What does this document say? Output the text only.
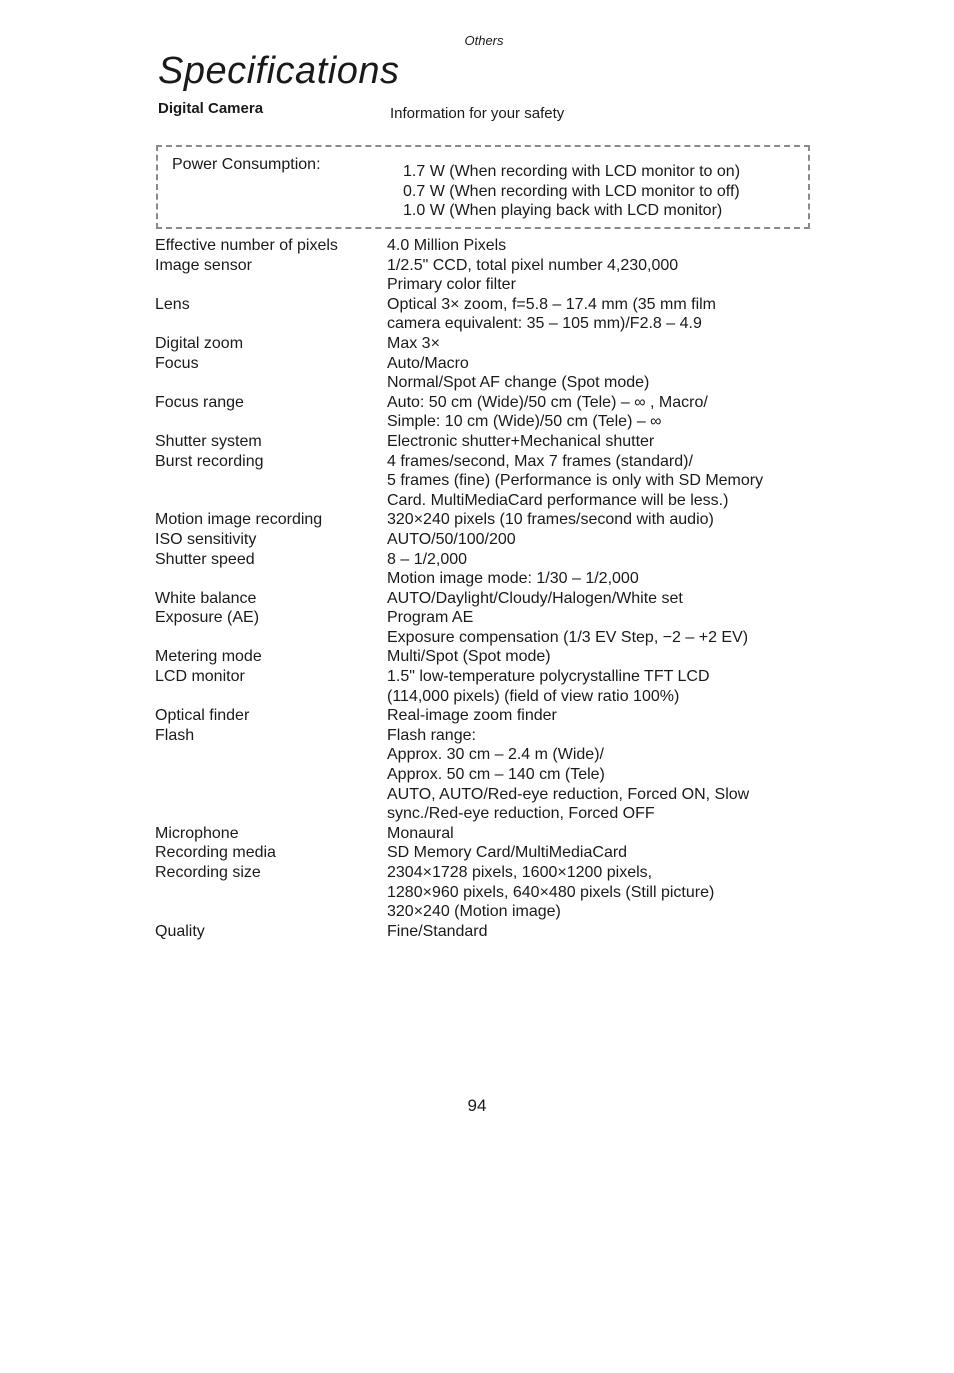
Others
Specifications
Digital Camera	Information for your safety
Power Consumption:	1.7 W (When recording with LCD monitor to on)
0.7 W (When recording with LCD monitor to off)
1.0 W (When playing back with LCD monitor)
Effective number of pixels	4.0 Million Pixels
Image sensor	1/2.5" CCD, total pixel number 4,230,000
Primary color filter
Lens	Optical 3× zoom, f=5.8 – 17.4 mm (35 mm film
camera equivalent: 35 – 105 mm)/F2.8 – 4.9
Digital zoom	Max 3×
Focus	Auto/Macro
Normal/Spot AF change (Spot mode)
Focus range	Auto: 50 cm (Wide)/50 cm (Tele) – ∞ , Macro/
Simple: 10 cm (Wide)/50 cm (Tele) – ∞
Shutter system	Electronic shutter+Mechanical shutter
Burst recording	4 frames/second, Max 7 frames (standard)/
5 frames (fine) (Performance is only with SD Memory
Card. MultiMediaCard performance will be less.)
Motion image recording	320×240 pixels (10 frames/second with audio)
ISO sensitivity	AUTO/50/100/200
Shutter speed	8 – 1/2,000
Motion image mode: 1/30 – 1/2,000
White balance	AUTO/Daylight/Cloudy/Halogen/White set
Exposure (AE)	Program AE
Exposure compensation (1/3 EV Step, −2 – +2 EV)
Metering mode	Multi/Spot (Spot mode)
LCD monitor	1.5" low-temperature polycrystalline TFT LCD
(114,000 pixels) (field of view ratio 100%)
Optical finder	Real-image zoom finder
Flash	Flash range:
Approx. 30 cm – 2.4 m (Wide)/
Approx. 50 cm – 140 cm (Tele)
AUTO, AUTO/Red-eye reduction, Forced ON, Slow
sync./Red-eye reduction, Forced OFF
Microphone	Monaural
Recording media	SD Memory Card/MultiMediaCard
Recording size	2304×1728 pixels, 1600×1200 pixels,
1280×960 pixels, 640×480 pixels (Still picture)
320×240 (Motion image)
Quality	Fine/Standard
94
